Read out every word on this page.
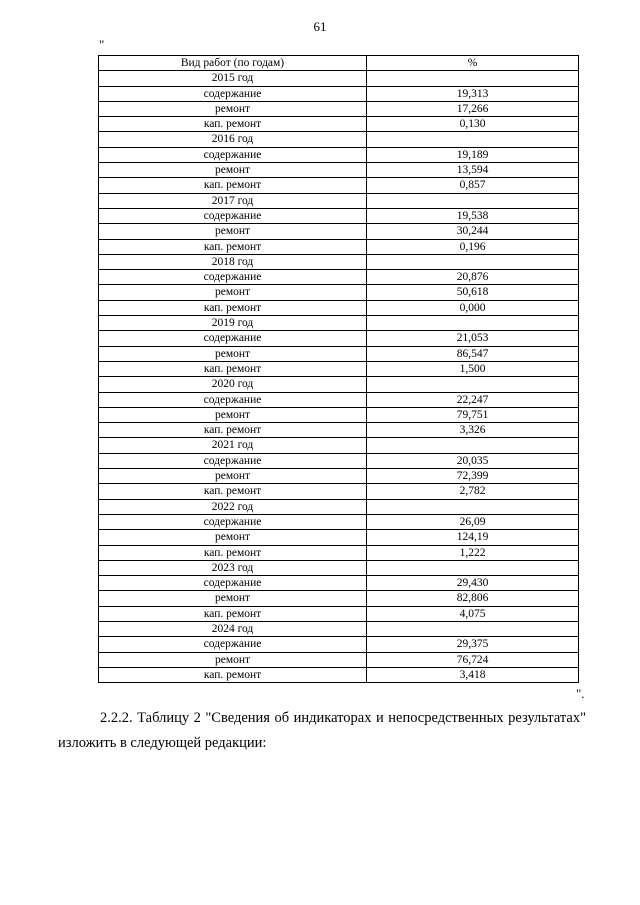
61
"
Вид работ (по годам)	%
2015 год	
содержание	19,313
ремонт	17,266
кап. ремонт	0,130
2016 год	
содержание	19,189
ремонт	13,594
кап. ремонт	0,857
2017 год	
содержание	19,538
ремонт	30,244
кап. ремонт	0,196
2018 год	
содержание	20,876
ремонт	50,618
кап. ремонт	0,000
2019 год	
содержание	21,053
ремонт	86,547
кап. ремонт	1,500
2020 год	
содержание	22,247
ремонт	79,751
кап. ремонт	3,326
2021 год	
содержание	20,035
ремонт	72,399
кап. ремонт	2,782
2022 год	
содержание	26,09
ремонт	124,19
кап. ремонт	1,222
2023 год	
содержание	29,430
ремонт	82,806
кап. ремонт	4,075
2024 год	
содержание	29,375
ремонт	76,724
кап. ремонт	3,418
".
2.2.2. Таблицу 2 "Сведения об индикаторах и непосредственных результатах" изложить в следующей редакции:
